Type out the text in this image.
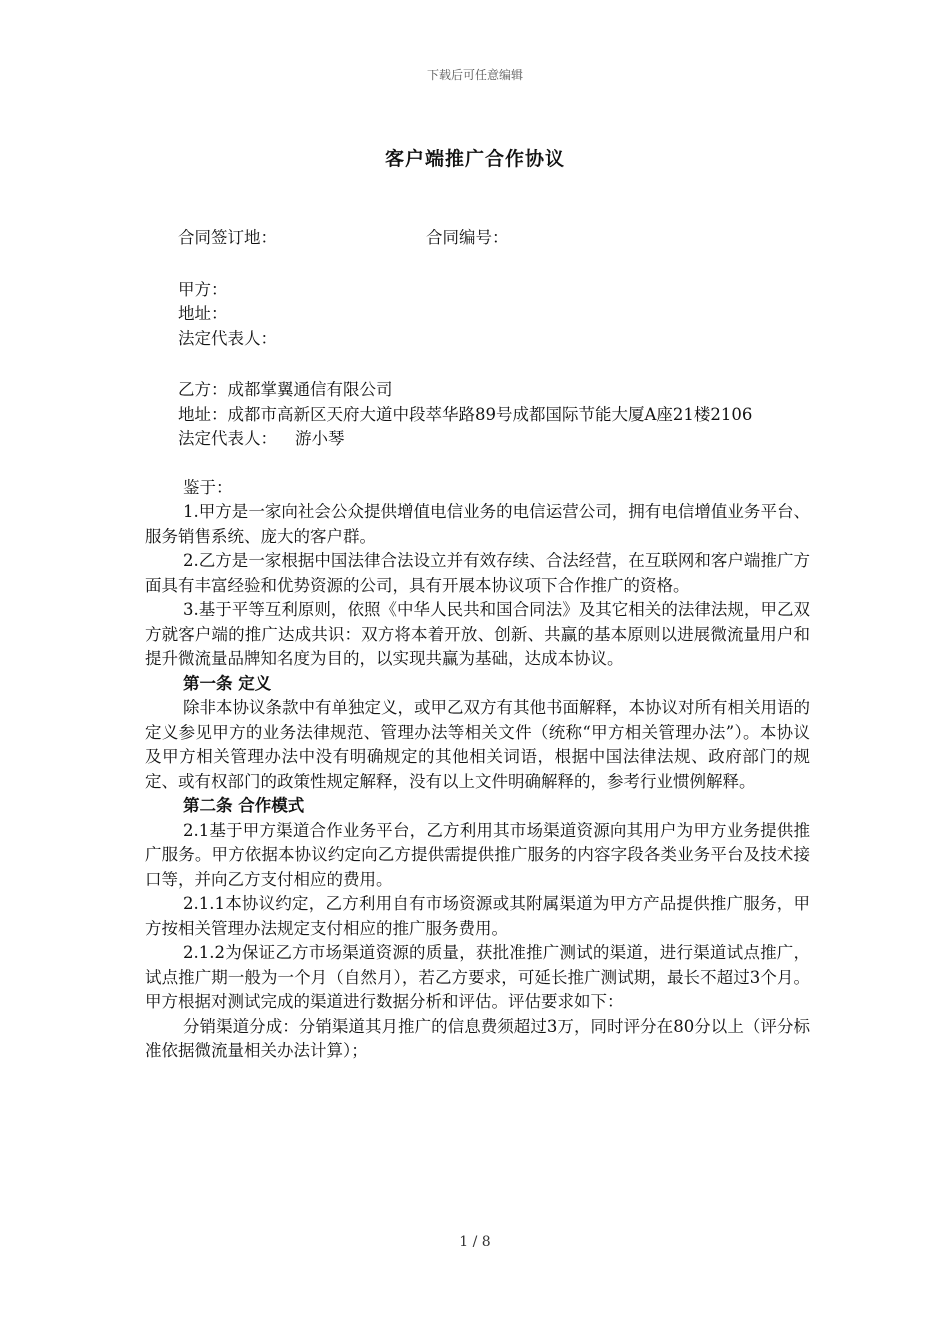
下载后可任意编辑
客户端推广合作协议
合同签订地：	合同编号：
甲方：
地址：
法定代表人：
乙方：成都掌翼通信有限公司
地址： 成都市高新区天府大道中段萃华路89号成都国际节能大厦A座21楼2106
法定代表人： 游小琴
鉴于：
1.甲方是一家向社会公众提供增值电信业务的电信运营公司，拥有电信增值业务平台、服务销售系统、庞大的客户群。
2.乙方是一家根据中国法律合法设立并有效存续、合法经营，在互联网和客户端推广方面具有丰富经验和优势资源的公司，具有开展本协议项下合作推广的资格。
3.基于平等互利原则，依照《中华人民共和国合同法》及其它相关的法律法规，甲乙双方就客户端的推广达成共识：双方将本着开放、创新、共赢的基本原则以进展微流量用户和提升微流量品牌知名度为目的，以实现共赢为基础，达成本协议。
第一条 定义
除非本协议条款中有单独定义，或甲乙双方有其他书面解释，本协议对所有相关用语的定义参见甲方的业务法律规范、管理办法等相关文件（统称“甲方相关管理办法”）。本协议及甲方相关管理办法中没有明确规定的其他相关词语，根据中国法律法规、政府部门的规定、或有权部门的政策性规定解释，没有以上文件明确解释的，参考行业惯例解释。
第二条 合作模式
2.1基于甲方渠道合作业务平台，乙方利用其市场渠道资源向其用户为甲方业务提供推广服务。甲方依据本协议约定向乙方提供需提供推广服务的内容字段各类业务平台及技术接口等，并向乙方支付相应的费用。
2.1.1本协议约定，乙方利用自有市场资源或其附属渠道为甲方产品提供推广服务，甲方按相关管理办法规定支付相应的推广服务费用。
2.1.2为保证乙方市场渠道资源的质量，获批准推广测试的渠道，进行渠道试点推广，试点推广期一般为一个月（自然月），若乙方要求，可延长推广测试期，最长不超过3个月。甲方根据对测试完成的渠道进行数据分析和评估。评估要求如下：
分销渠道分成：分销渠道其月推广的信息费须超过3万，同时评分在80分以上（评分标准依据微流量相关办法计算）；
1 / 8
